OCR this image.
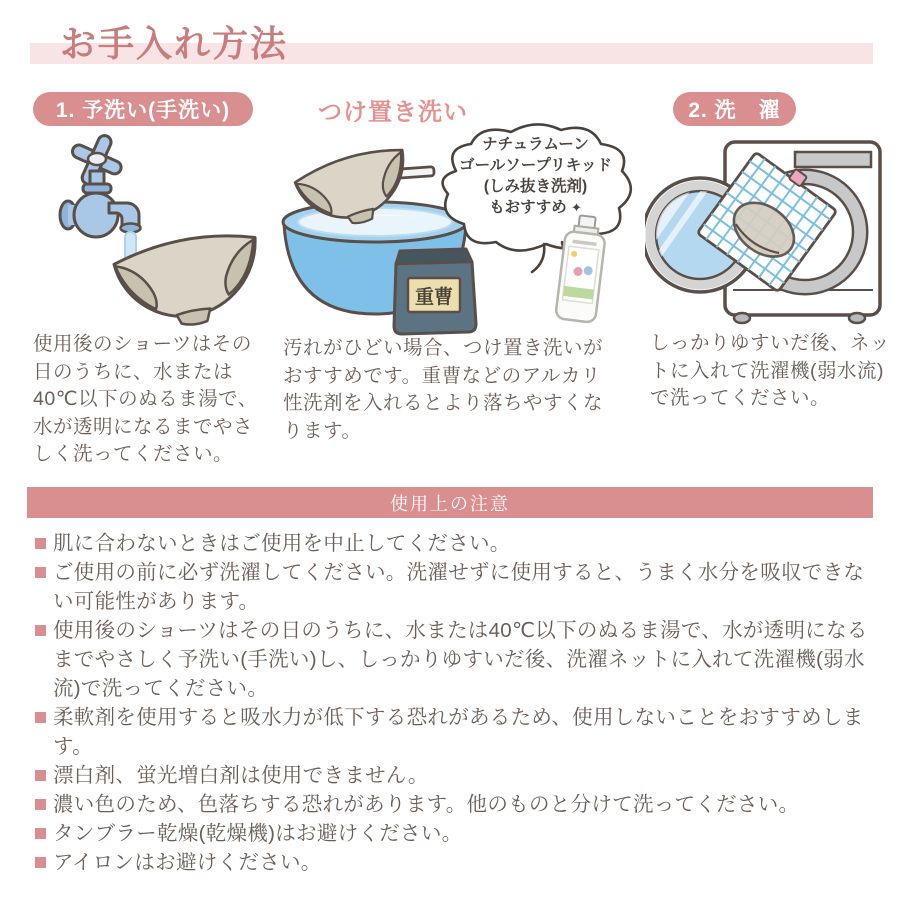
お手入れ方法
1. 予洗い(手洗い)	つけ置き洗い	2. 洗　濯
重曹
ナチュラムーン
ゴールソープリキッド
(しみ抜き洗剤)
もおすすめ ✦
使用後のショーツはその日のうちに、水または40℃以下のぬるま湯で、水が透明になるまでやさしく洗ってください。
汚れがひどい場合、つけ置き洗いがおすすめです。重曹などのアルカリ性洗剤を入れるとより落ちやすくなります。
しっかりゆすいだ後、ネットに入れて洗濯機(弱水流)で洗ってください。
使用上の注意
肌に合わないときはご使用を中止してください。
ご使用の前に必ず洗濯してください。洗濯せずに使用すると、うまく水分を吸収できない可能性があります。
使用後のショーツはその日のうちに、水または40℃以下のぬるま湯で、水が透明になるまでやさしく予洗い(手洗い)し、しっかりゆすいだ後、洗濯ネットに入れて洗濯機(弱水流)で洗ってください。
柔軟剤を使用すると吸水力が低下する恐れがあるため、使用しないことをおすすめします。
漂白剤、蛍光増白剤は使用できません。
濃い色のため、色落ちする恐れがあります。他のものと分けて洗ってください。
タンブラー乾燥(乾燥機)はお避けください。
アイロンはお避けください。
